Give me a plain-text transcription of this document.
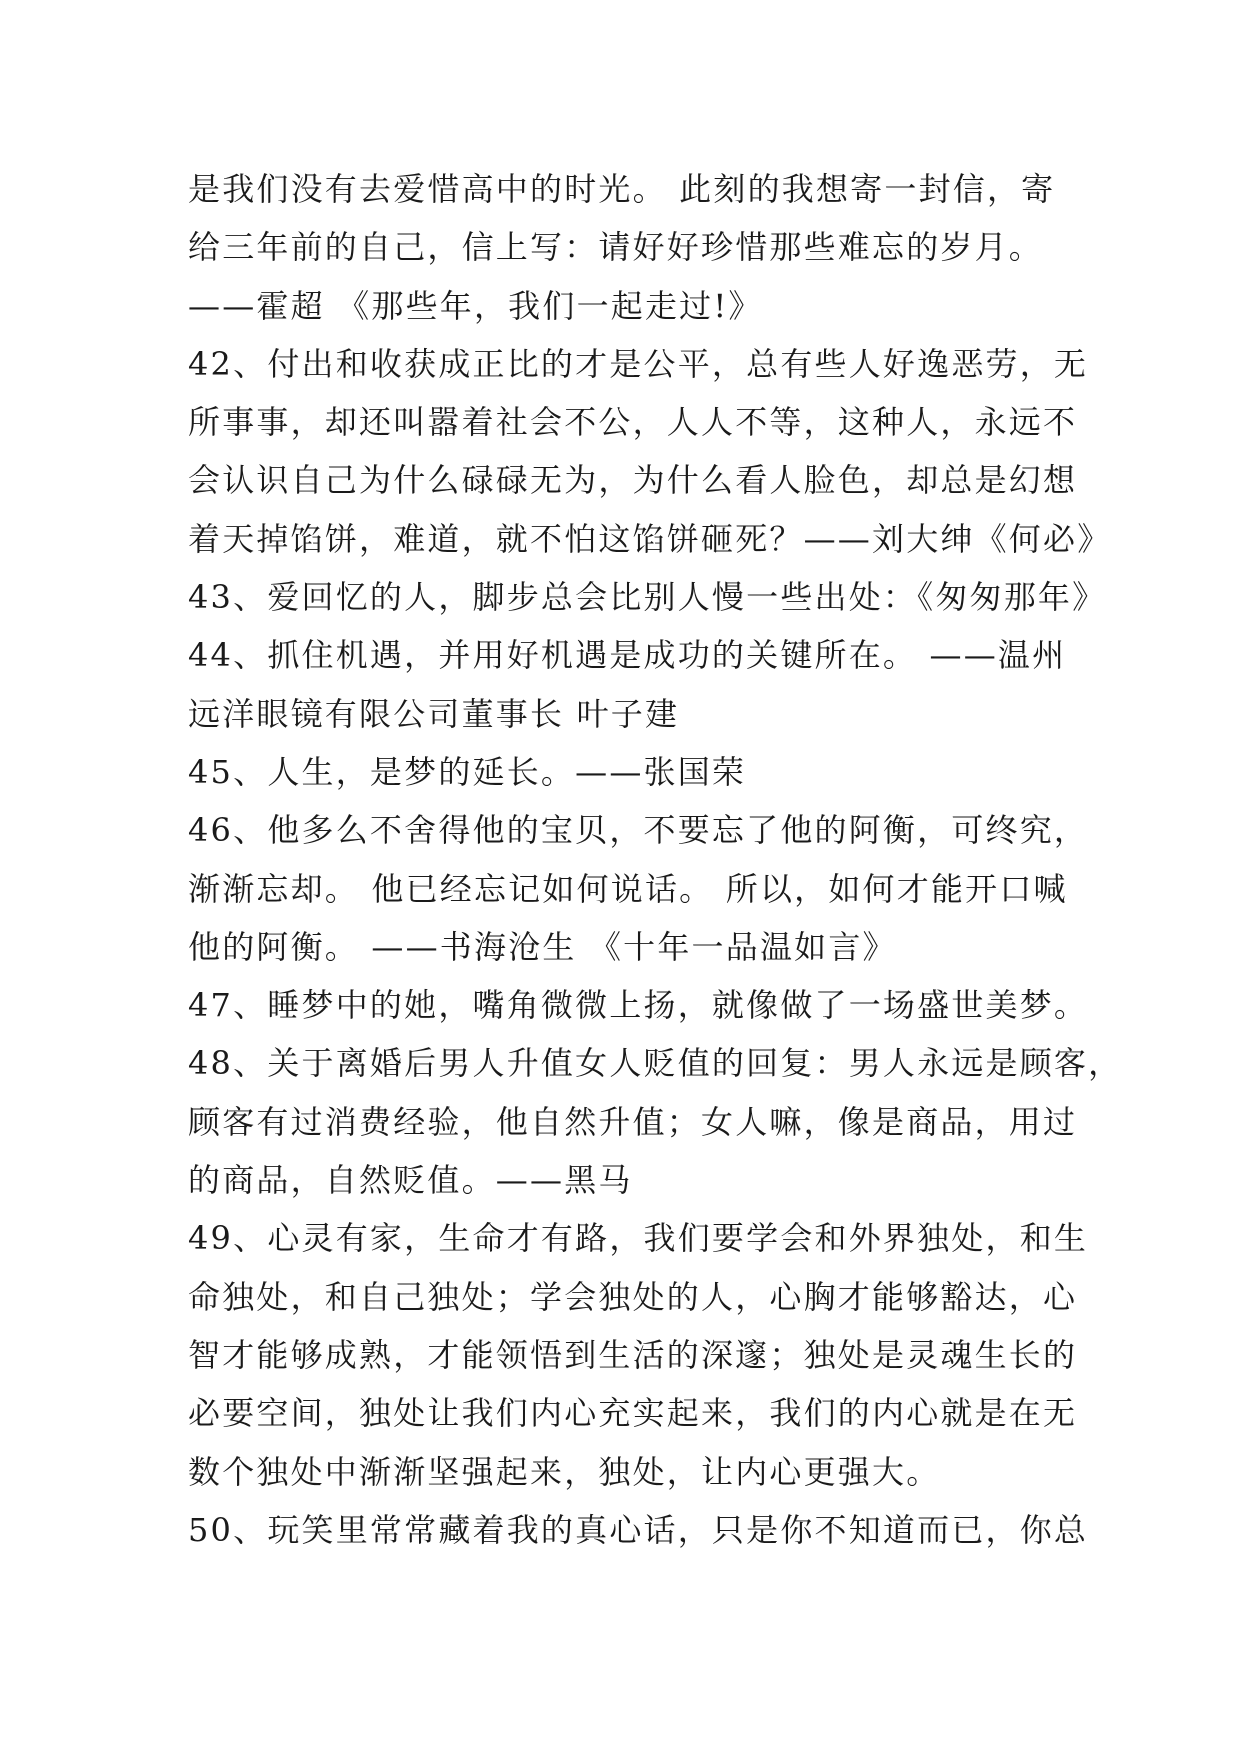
是我们没有去爱惜高中的时光。 此刻的我想寄一封信，寄
给三年前的自己，信上写：请好好珍惜那些难忘的岁月。
——霍超 《那些年，我们一起走过!》
42、付出和收获成正比的才是公平，总有些人好逸恶劳，无
所事事，却还叫嚣着社会不公，人人不等，这种人，永远不
会认识自己为什么碌碌无为，为什么看人脸色，却总是幻想
着天掉馅饼，难道，就不怕这馅饼砸死？——刘大绅《何必》
43、爱回忆的人，脚步总会比别人慢一些出处：《匆匆那年》
44、抓住机遇，并用好机遇是成功的关键所在。 ——温州
远洋眼镜有限公司董事长 叶子建
45、人生，是梦的延长。——张国荣
46、他多么不舍得他的宝贝，不要忘了他的阿衡，可终究，
渐渐忘却。 他已经忘记如何说话。 所以，如何才能开口喊
他的阿衡。 ——书海沧生 《十年一品温如言》
47、睡梦中的她，嘴角微微上扬，就像做了一场盛世美梦。
48、关于离婚后男人升值女人贬值的回复：男人永远是顾客，
顾客有过消费经验，他自然升值；女人嘛，像是商品，用过
的商品，自然贬值。——黑马
49、心灵有家，生命才有路，我们要学会和外界独处，和生
命独处，和自己独处；学会独处的人，心胸才能够豁达，心
智才能够成熟，才能领悟到生活的深邃；独处是灵魂生长的
必要空间，独处让我们内心充实起来，我们的内心就是在无
数个独处中渐渐坚强起来，独处，让内心更强大。
50、玩笑里常常藏着我的真心话，只是你不知道而已，你总
